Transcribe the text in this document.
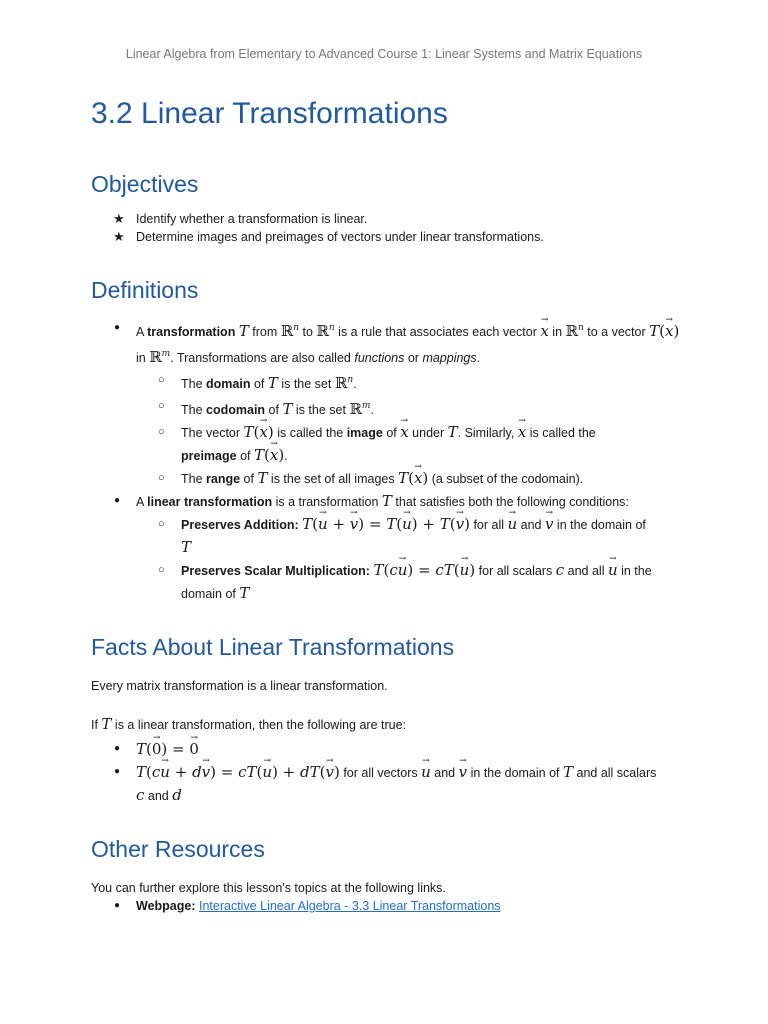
Linear Algebra from Elementary to Advanced Course 1: Linear Systems and Matrix Equations
3.2 Linear Transformations
Objectives
★ Identify whether a transformation is linear.
★ Determine images and preimages of vectors under linear transformations.
Definitions
● A transformation T from ℝ$^n$ to ℝ$^n$ is a rule that associates each vector → x in ℝ$^n$ to a vector T(→ x) in ℝ$^m$. Transformations are also called functions or mappings.
○ The domain of T is the set ℝ$^n$.
○ The codomain of T is the set ℝ$^m$.
○ The vector T(→ x) is called the image of → x under T. Similarly, → x is called the
preimage of T(→ x).
○ The range of T is the set of all images T(→ x) (a subset of the codomain).
● A linear transformation is a transformation T that satisfies both the following conditions:
○ Preserves Addition: T(→ u + → v) = T(→ u) + T(→ v) for all → u and → v in the domain of
T
○ Preserves Scalar Multiplication: T(c→ u) = cT(→ u) for all scalars c and all → u in the
domain of T
Facts About Linear Transformations

Every matrix transformation is a linear transformation.

If T is a linear transformation, then the following are true:

● T(→ 0) = → 0
● T(c→ u + d→ v) = cT(→ u) + dT(→ v) for all vectors → u and → v in the domain of T and all scalars
c and d
Other Resources

You can further explore this lesson's topics at the following links.

● Webpage: Interactive Linear Algebra - 3.3 Linear Transformations
